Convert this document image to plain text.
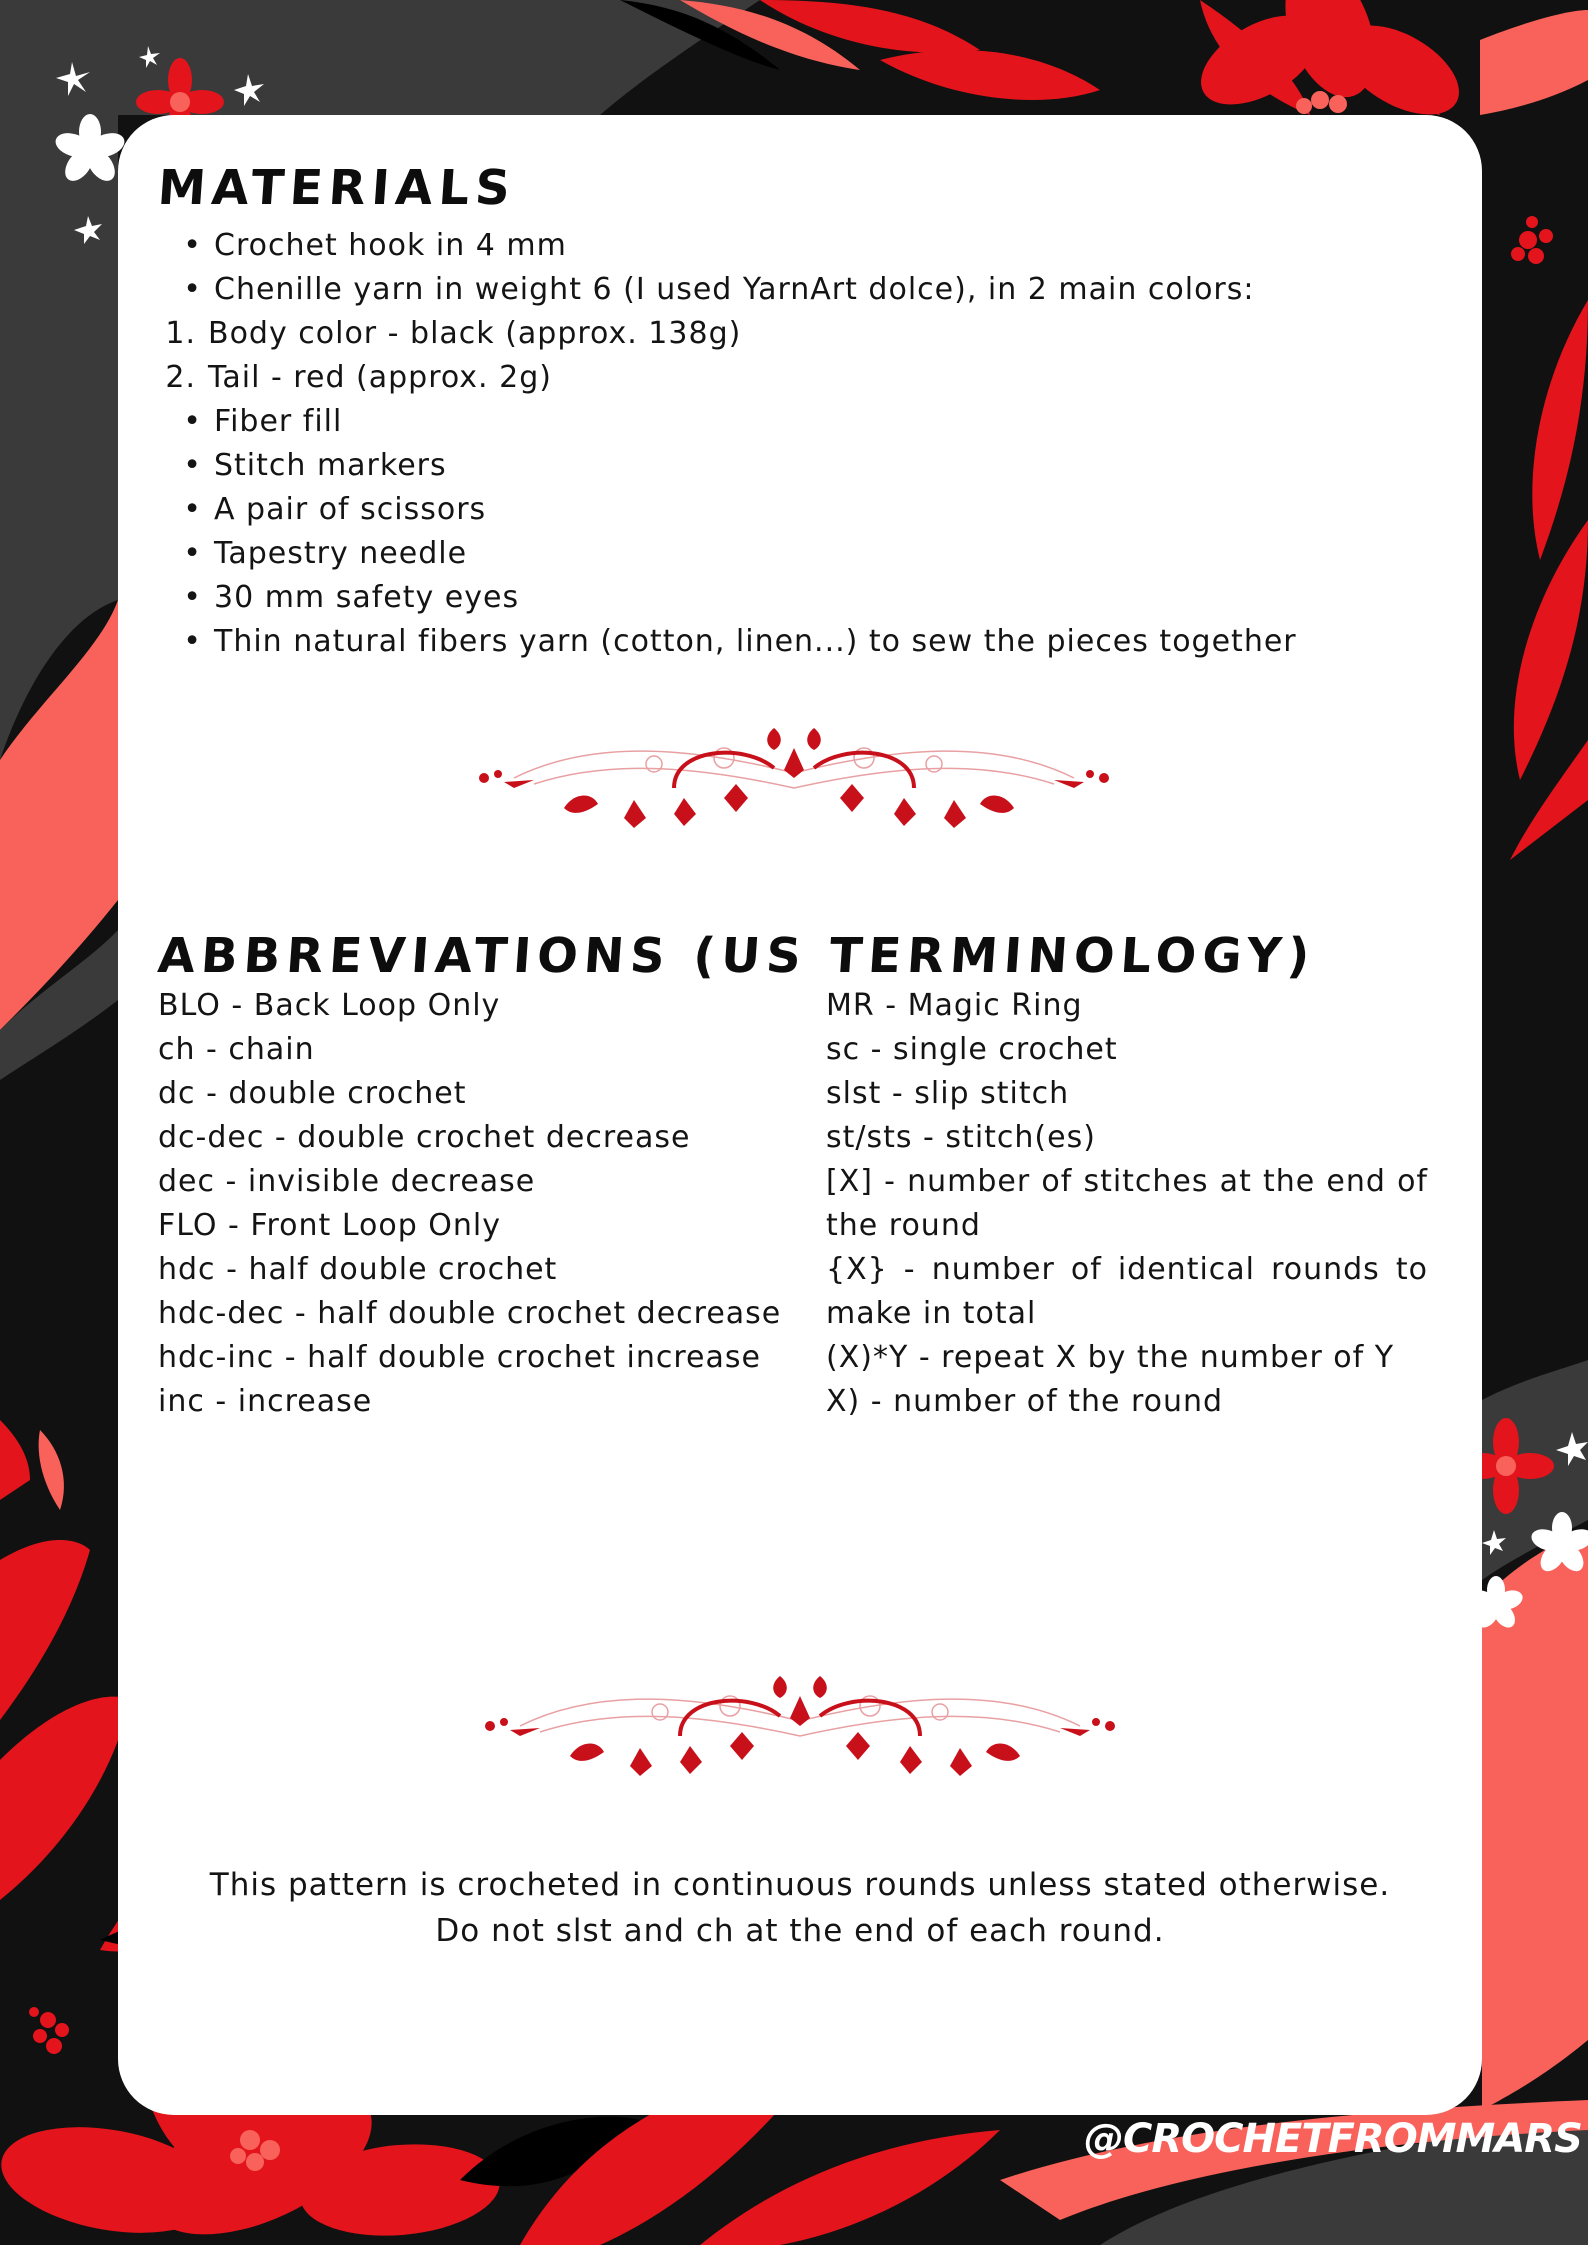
MATERIALS
• Crochet hook in 4 mm
• Chenille yarn in weight 6 (I used YarnArt dolce), in 2 main colors:
1. Body color - black (approx. 138g)
2. Tail - red (approx. 2g)
• Fiber fill
• Stitch markers
• A pair of scissors
• Tapestry needle
• 30 mm safety eyes
• Thin natural fibers yarn (cotton, linen...) to sew the pieces together
ABBREVIATIONS (US TERMINOLOGY)
BLO - Back Loop Only
ch - chain
dc - double crochet
dc-dec - double crochet decrease
dec - invisible decrease
FLO - Front Loop Only
hdc - half double crochet
hdc-dec - half double crochet decrease
hdc-inc - half double crochet increase
inc - increase
MR - Magic Ring
sc - single crochet
slst - slip stitch
st/sts - stitch(es)
[X] - number of stitches at the end of the round
{X} - number of identical rounds to make in total
(X)*Y - repeat X by the number of Y
X) - number of the round

This pattern is crocheted in continuous rounds unless stated otherwise.

Do not slst and ch at the end of each round.

@CROCHETFROMMARS
